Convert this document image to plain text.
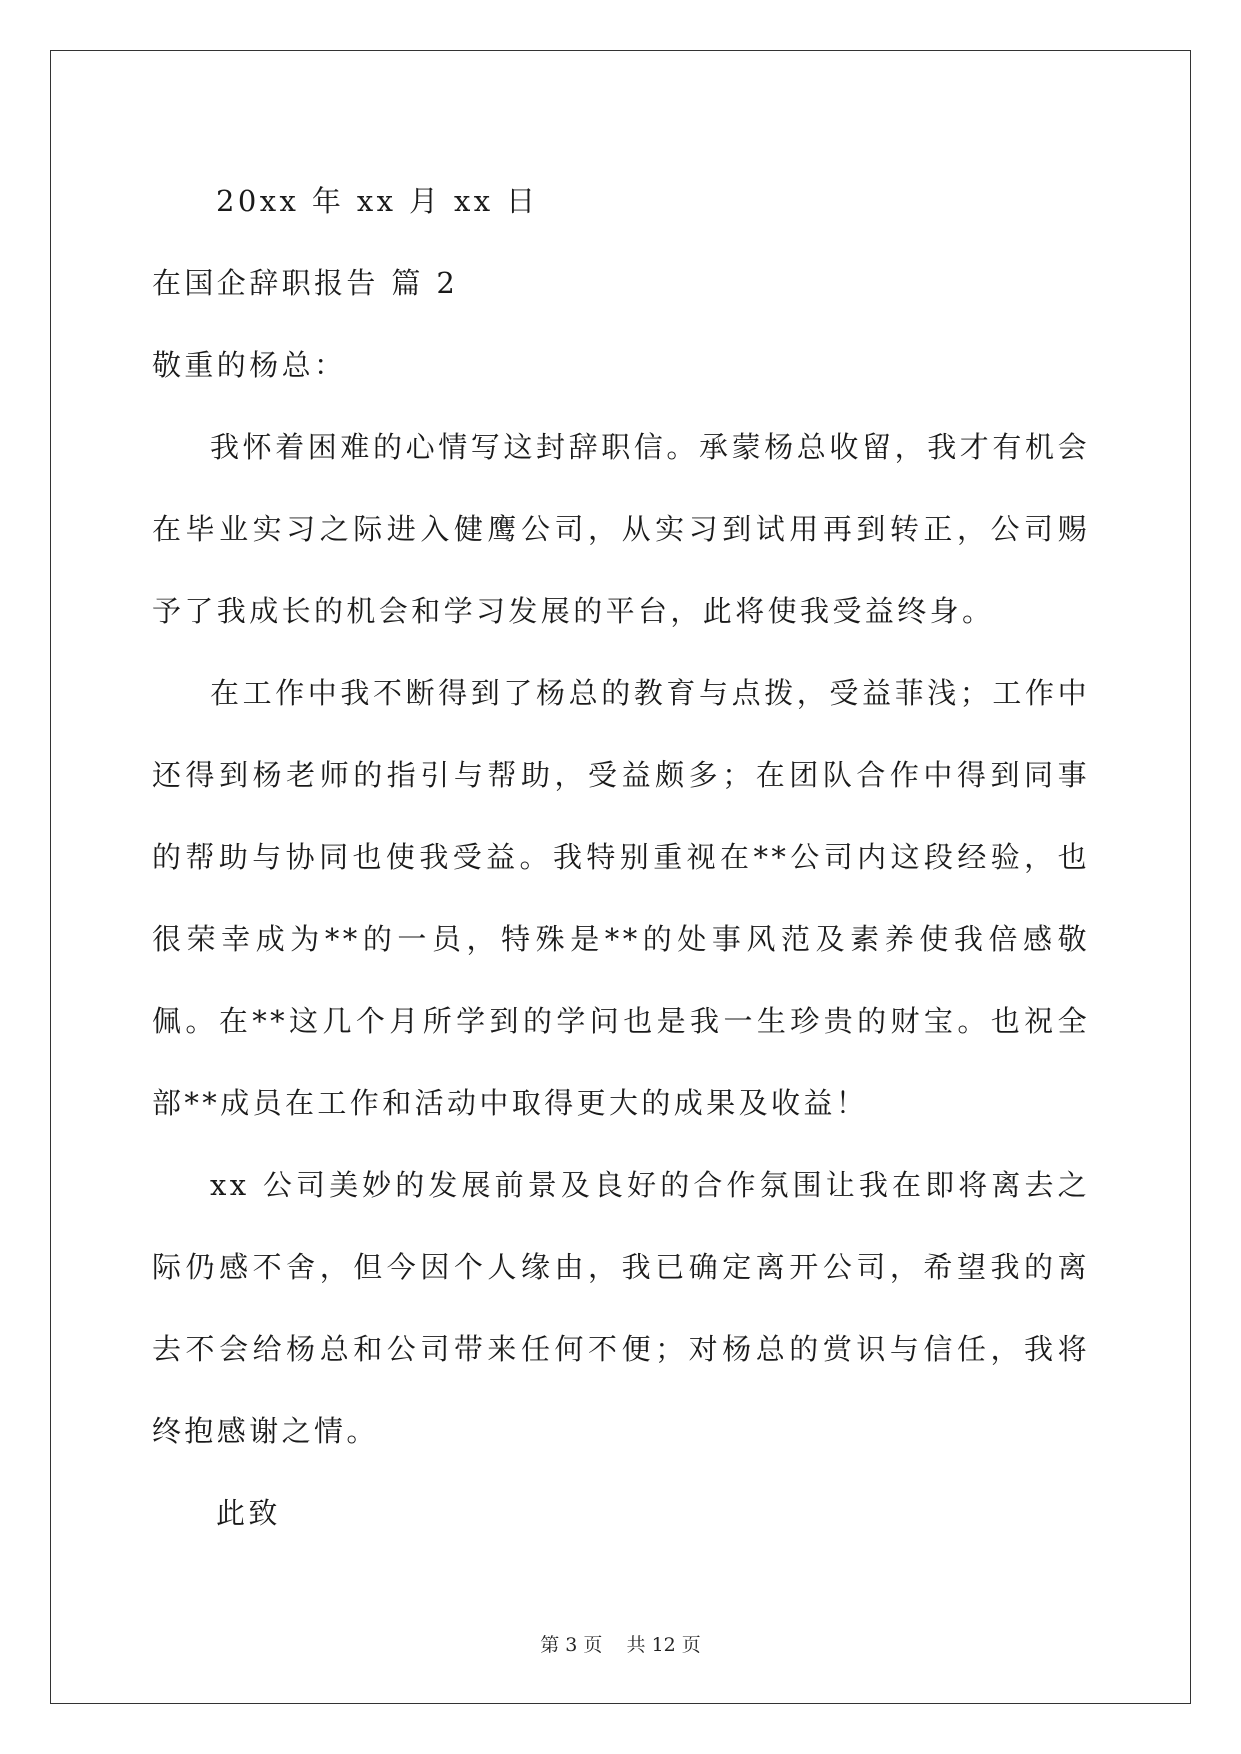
20xx 年 xx 月 xx 日
在国企辞职报告 篇 2
敬重的杨总：

我怀着困难的心情写这封辞职信。承蒙杨总收留，我才有机会在毕业实习之际进入健鹰公司，从实习到试用再到转正，公司赐予了我成长的机会和学习发展的平台，此将使我受益终身。

在工作中我不断得到了杨总的教育与点拨，受益菲浅；工作中还得到杨老师的指引与帮助，受益颇多；在团队合作中得到同事的帮助与协同也使我受益。我特别重视在**公司内这段经验，也很荣幸成为**的一员，特殊是**的处事风范及素养使我倍感敬佩。在**这几个月所学到的学问也是我一生珍贵的财宝。也祝全部**成员在工作和活动中取得更大的成果及收益！

xx 公司美妙的发展前景及良好的合作氛围让我在即将离去之际仍感不舍，但今因个人缘由，我已确定离开公司，希望我的离去不会给杨总和公司带来任何不便；对杨总的赏识与信任，我将终抱感谢之情。

此致
第 3 页    共 12 页
